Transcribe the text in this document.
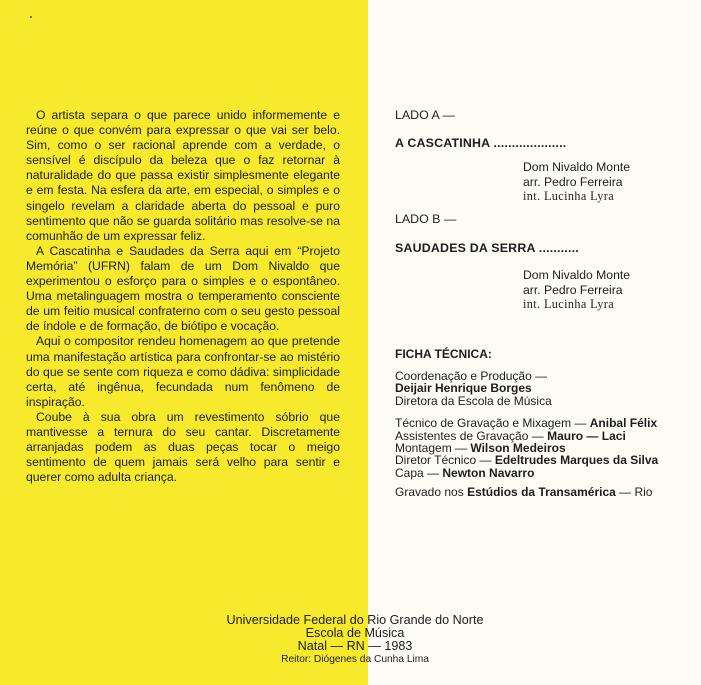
O artista separa o que parece unido informemente e reúne o que convém para expressar o que vai ser belo. Sim, como o ser racional aprende com a verdade, o sensível é discípulo da beleza que o faz retornar à naturalidade do que passa existir simplesmente elegante e em festa. Na esfera da arte, em especial, o simples e o singelo revelam a claridade aberta do pessoal e puro sentimento que não se guarda solitário mas resolve-se na comunhão de um expressar feliz.

A Cascatinha e Saudades da Serra aqui em “Projeto Memória” (UFRN) falam de um Dom Nivaldo que experimentou o esforço para o simples e o espontâneo. Uma metalinguagem mostra o temperamento consciente de um feitio musical confraterno com o seu gesto pessoal de índole e de formação, de biótipo e vocação.

Aqui o compositor rendeu homenagem ao que pretende uma manifestação artística para confrontar-se ao mistério do que se sente com riqueza e como dádiva: simplicidade certa, até ingênua, fecundada num fenômeno de inspiração.

Coube à sua obra um revestimento sóbrio que mantivesse a ternura do seu cantar. Discretamente arranjadas podem as duas peças tocar o meigo sentimento de quem jamais será velho para sentir e querer como adulta criança.

LADO A —
A CASCATINHA ....................
Dom Nivaldo Monte
arr. Pedro Ferreira
int. Lucinha Lyra
LADO B —
SAUDADES DA SERRA ...........
Dom Nivaldo Monte
arr. Pedro Ferreira
int. Lucinha Lyra
FICHA TÉCNICA:
Coordenação e Produção —
Deijair Henrique Borges
Diretora da Escola de Música
Técnico de Gravação e Mixagem — Anibal Félix
Assistentes de Gravação — Mauro — Laci
Montagem — Wilson Medeiros
Diretor Técnico — Edeltrudes Marques da Silva
Capa — Newton Navarro
Gravado nos Estúdios da Transamérica — Rio
Universidade Federal do Rio Grande do Norte
Escola de Música
Natal — RN — 1983
Reitor: Diógenes da Cunha Lima
